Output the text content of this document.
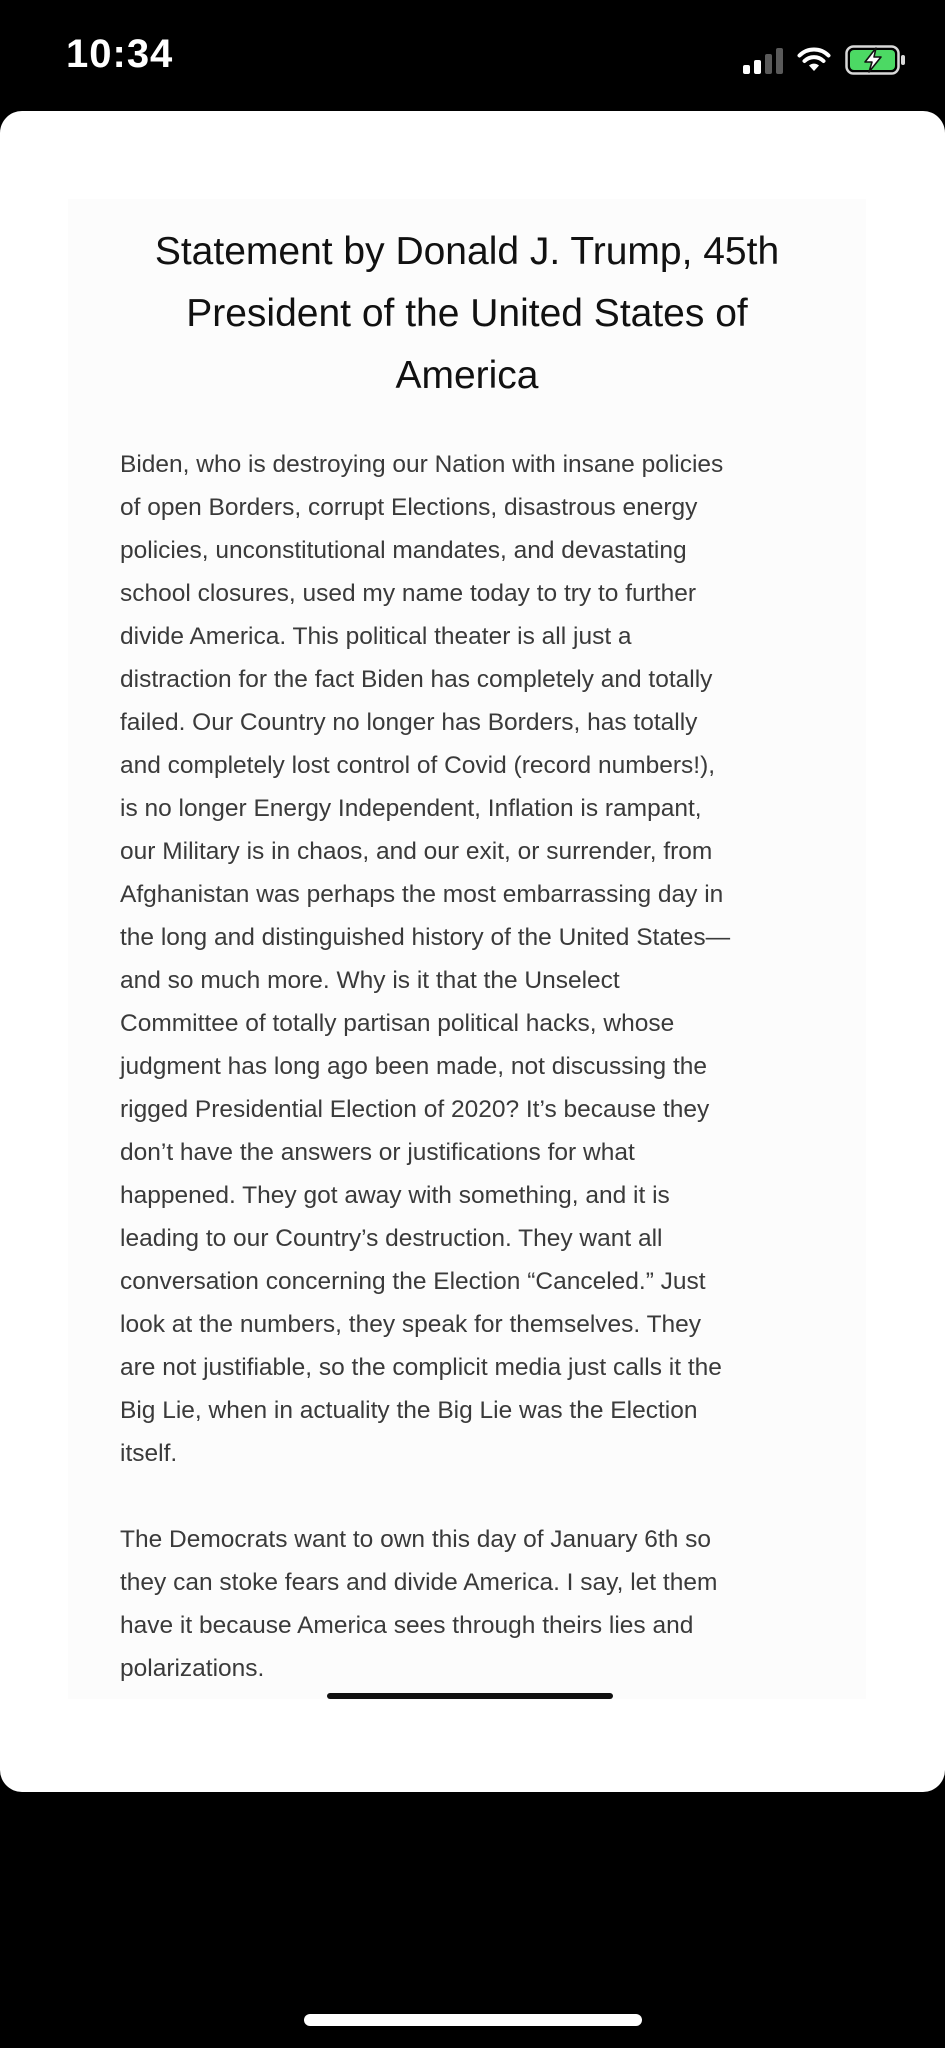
10:34
Statement by Donald J. Trump, 45th
President of the United States of
America
Biden, who is destroying our Nation with insane policies
of open Borders, corrupt Elections, disastrous energy
policies, unconstitutional mandates, and devastating
school closures, used my name today to try to further
divide America. This political theater is all just a
distraction for the fact Biden has completely and totally
failed. Our Country no longer has Borders, has totally
and completely lost control of Covid (record numbers!),
is no longer Energy Independent, Inflation is rampant,
our Military is in chaos, and our exit, or surrender, from
Afghanistan was perhaps the most embarrassing day in
the long and distinguished history of the United States—
and so much more. Why is it that the Unselect
Committee of totally partisan political hacks, whose
judgment has long ago been made, not discussing the
rigged Presidential Election of 2020? It’s because they
don’t have the answers or justifications for what
happened. They got away with something, and it is
leading to our Country’s destruction. They want all
conversation concerning the Election “Canceled.” Just
look at the numbers, they speak for themselves. They
are not justifiable, so the complicit media just calls it the
Big Lie, when in actuality the Big Lie was the Election
itself.
The Democrats want to own this day of January 6th so
they can stoke fears and divide America. I say, let them
have it because America sees through theirs lies and
polarizations.
